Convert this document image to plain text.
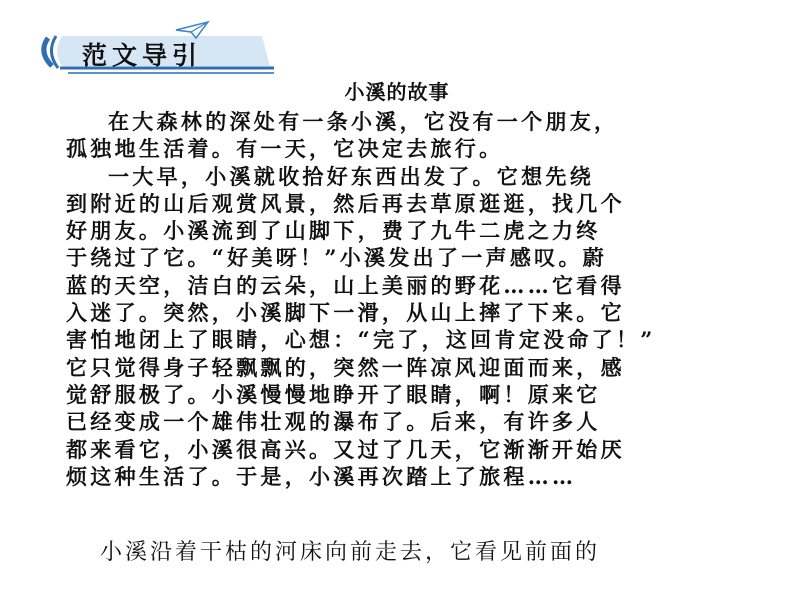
范文导引
小溪的故事
在大森林的深处有一条小溪，它没有一个朋友，
孤独地生活着。有一天，它决定去旅行。
一大早，小溪就收拾好东西出发了。它想先绕
到附近的山后观赏风景，然后再去草原逛逛，找几个
好朋友。小溪流到了山脚下，费了九牛二虎之力终
于绕过了它。“好美呀！”小溪发出了一声感叹。蔚
蓝的天空，洁白的云朵，山上美丽的野花……它看得
入迷了。突然，小溪脚下一滑，从山上摔了下来。它
害怕地闭上了眼睛，心想：“完了，这回肯定没命了！”
它只觉得身子轻飘飘的，突然一阵凉风迎面而来，感
觉舒服极了。小溪慢慢地睁开了眼睛，啊！原来它
已经变成一个雄伟壮观的瀑布了。后来，有许多人
都来看它，小溪很高兴。又过了几天，它渐渐开始厌
烦这种生活了。于是，小溪再次踏上了旅程……
小溪沿着干枯的河床向前走去，它看见前面的
